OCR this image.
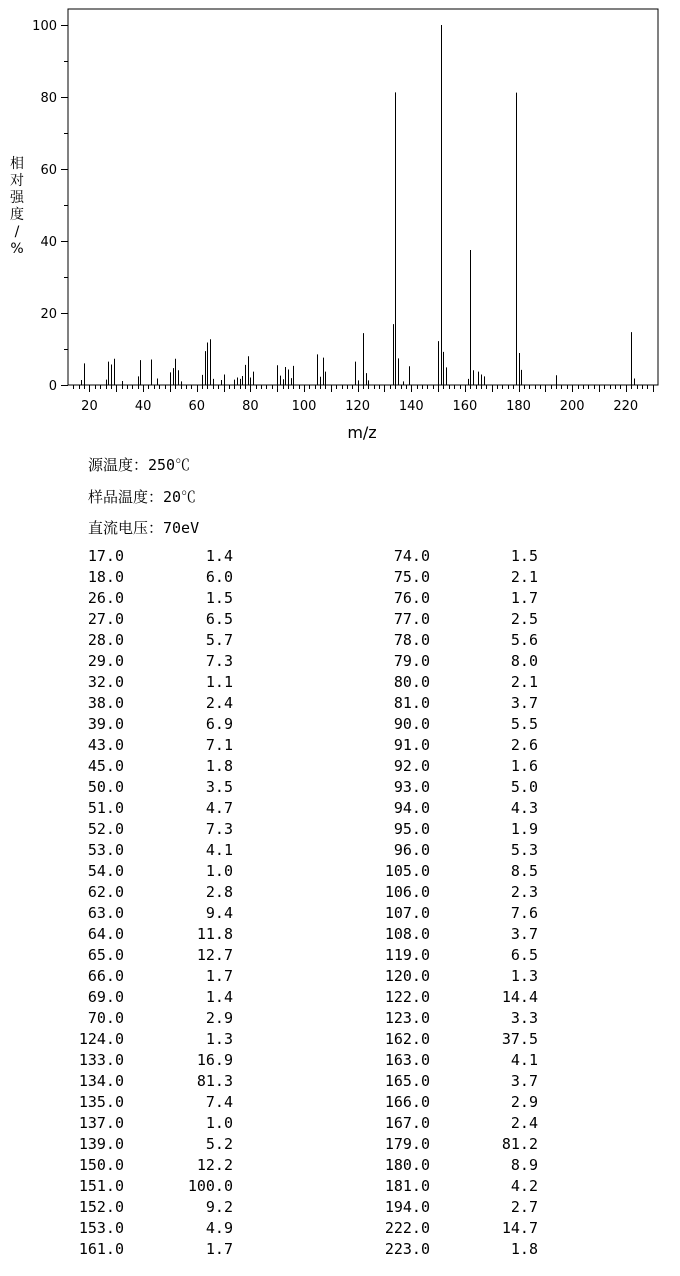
20	40	60	80	100 120 140 160 180 200 220
0
20
40
60
80
100
m/z
相
对
强
度
/
%
源温度：250℃
样品温度：20℃
直流电压：70eV
17.0	1.4
18.0	6.0
26.0	1.5
27.0	6.5
28.0	5.7
29.0	7.3
32.0	1.1
38.0	2.4
39.0	6.9
43.0	7.1
45.0	1.8
50.0	3.5
51.0	4.7
52.0	7.3
53.0	4.1
54.0	1.0
62.0	2.8
63.0	9.4
64.0	11.8
65.0	12.7
66.0	1.7
69.0	1.4
70.0	2.9
124.0	1.3
133.0	16.9
134.0	81.3
135.0	7.4
137.0	1.0
139.0	5.2
150.0	12.2
151.0	100.0
152.0	9.2
153.0	4.9
161.0	1.7
74.0	1.5
75.0	2.1
76.0	1.7
77.0	2.5
78.0	5.6
79.0	8.0
80.0	2.1
81.0	3.7
90.0	5.5
91.0	2.6
92.0	1.6
93.0	5.0
94.0	4.3
95.0	1.9
96.0	5.3
105.0	8.5
106.0	2.3
107.0	7.6
108.0	3.7
119.0	6.5
120.0	1.3
122.0	14.4
123.0	3.3
162.0	37.5
163.0	4.1
165.0	3.7
166.0	2.9
167.0	2.4
179.0	81.2
180.0	8.9
181.0	4.2
194.0	2.7
222.0	14.7
223.0	1.8
